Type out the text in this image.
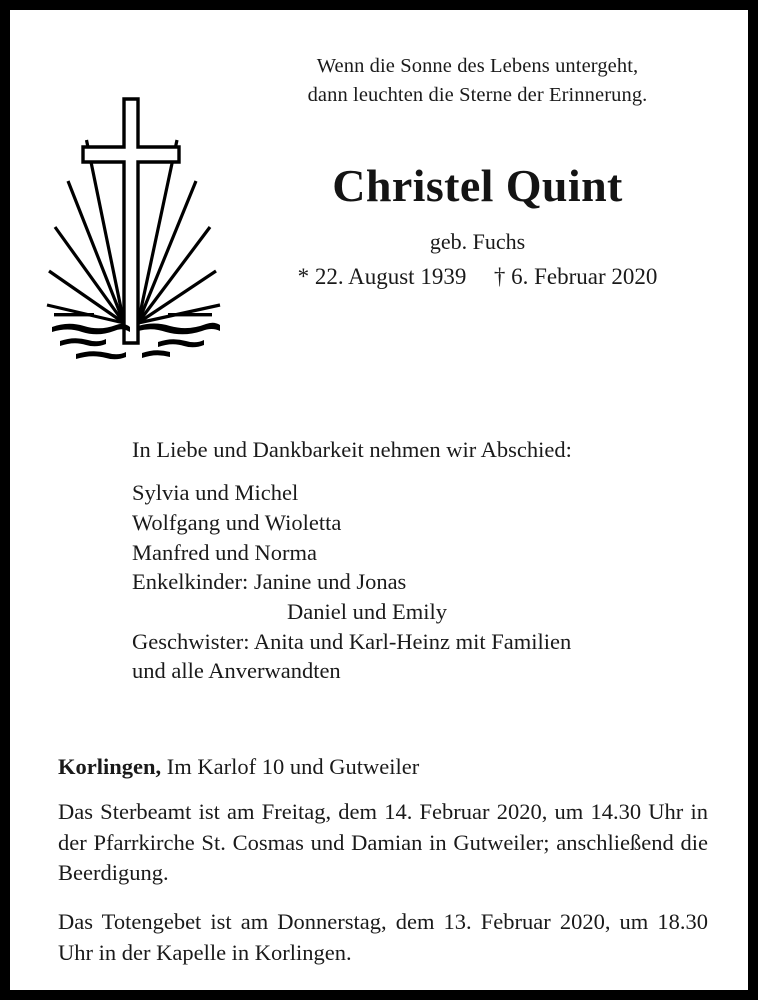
Wenn die Sonne des Lebens untergeht,
dann leuchten die Sterne der Erinnerung.
Christel Quint

geb. Fuchs

* 22. August 1939 † 6. Februar 2020

In Liebe und Dankbarkeit nehmen wir Abschied:

Sylvia und Michel
Wolfgang und Wioletta
Manfred und Norma
Enkelkinder: Janine und Jonas
Daniel und Emily
Geschwister: Anita und Karl-Heinz mit Familien
und alle Anverwandten

Korlingen, Im Karlof 10 und Gutweiler

Das Sterbeamt ist am Freitag, dem 14. Februar 2020, um 14.30 Uhr in der Pfarrkirche St. Cosmas und Damian in Gutweiler; anschließend die Beerdigung.

Das Totengebet ist am Donnerstag, dem 13. Februar 2020, um 18.30 Uhr in der Kapelle in Korlingen.
